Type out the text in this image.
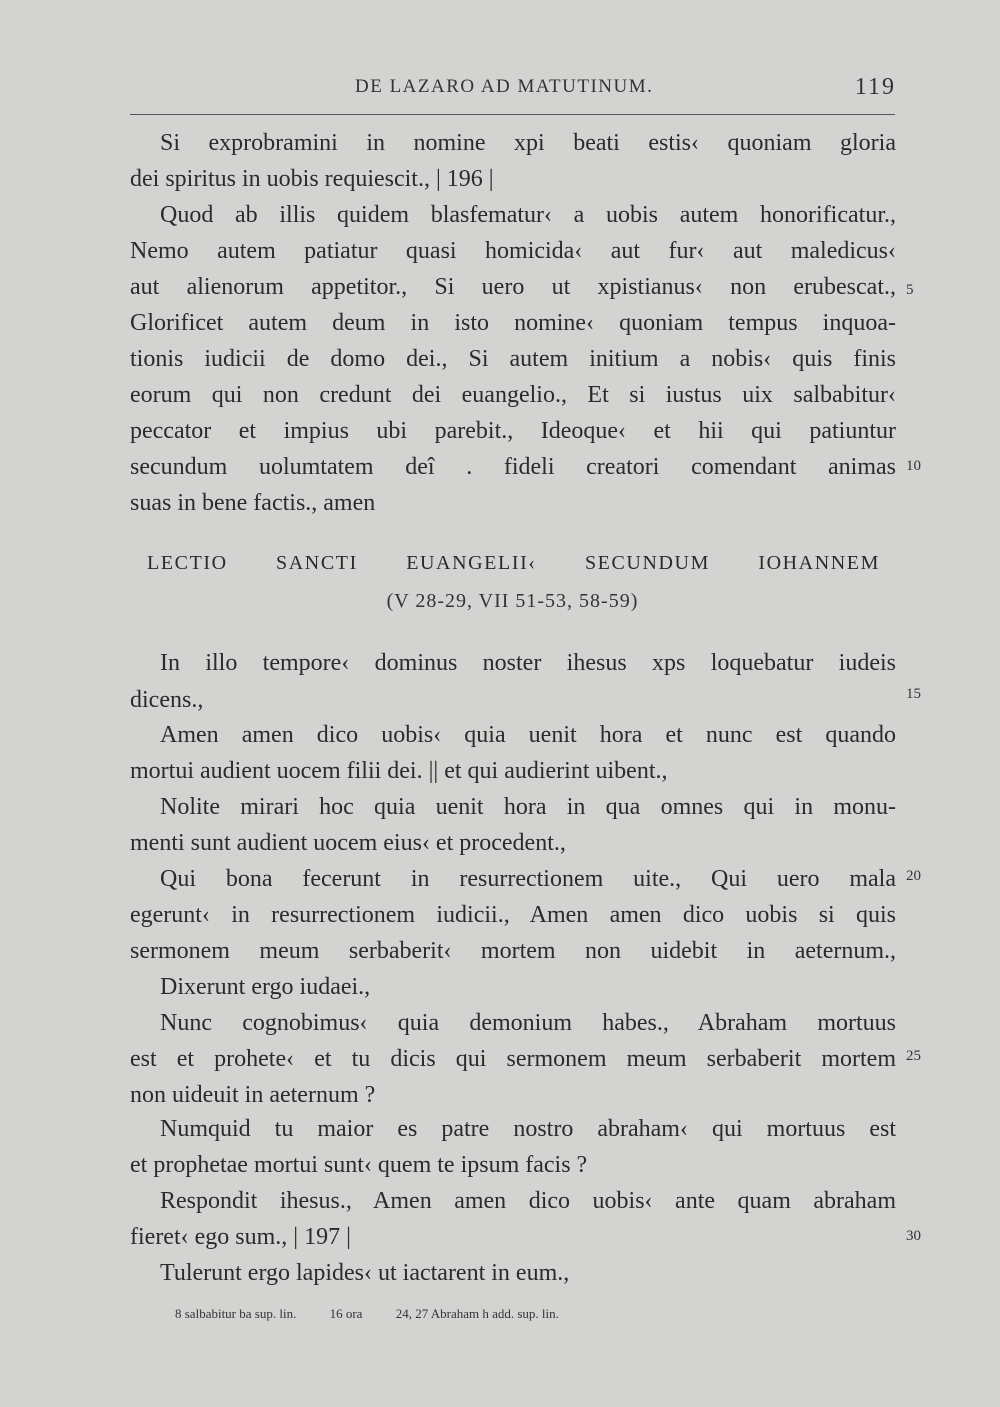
DE LAZARO AD MATUTINUM.	119
Si exprobramini in nomine xpi beati estis‹ quoniam gloria
dei spiritus in uobis requiescit., | 196 |
Quod ab illis quidem blasfematur‹ a uobis autem honorificatur.,
Nemo autem patiatur quasi homicida‹ aut fur‹ aut maledicus‹
aut alienorum appetitor., Si uero ut xpistianus‹ non erubescat.,
Glorificet autem deum in isto nomine‹ quoniam tempus inquoa-
tionis iudicii de domo dei., Si autem initium a nobis‹ quis finis
eorum qui non credunt dei euangelio., Et si iustus uix salbabitur‹
peccator et impius ubi parebit., Ideoque‹ et hii qui patiuntur
secundum uolumtatem deî . fideli creatori comendant animas
suas in bene factis., amen
LECTIO SANCTI EUANGELII‹ SECUNDUM IOHANNEM
(V 28-29, VII 51-53, 58-59)
In illo tempore‹ dominus noster ihesus xps loquebatur iudeis
dicens.,
Amen amen dico uobis‹ quia uenit hora et nunc est quando
mortui audient uocem filii dei. || et qui audierint uibent.,
Nolite mirari hoc quia uenit hora in qua omnes qui in monu-
menti sunt audient uocem eius‹ et procedent.,
Qui bona fecerunt in resurrectionem uite., Qui uero mala
egerunt‹ in resurrectionem iudicii., Amen amen dico uobis si quis
sermonem meum serbaberit‹ mortem non uidebit in aeternum.,
Dixerunt ergo iudaei.,
Nunc cognobimus‹ quia demonium habes., Abraham mortuus
est et prohete‹ et tu dicis qui sermonem meum serbaberit mortem
non uideuit in aeternum ?
Numquid tu maior es patre nostro abraham‹ qui mortuus est
et prophetae mortui sunt‹ quem te ipsum facis ?
Respondit ihesus., Amen amen dico uobis‹ ante quam abraham
fieret‹ ego sum., | 197 |
Tulerunt ergo lapides‹ ut iactarent in eum.,
5
10
15
20
25
30
8 salbabitur ba sup. lin.	16 ora	24, 27 Abraham h add. sup. lin.
